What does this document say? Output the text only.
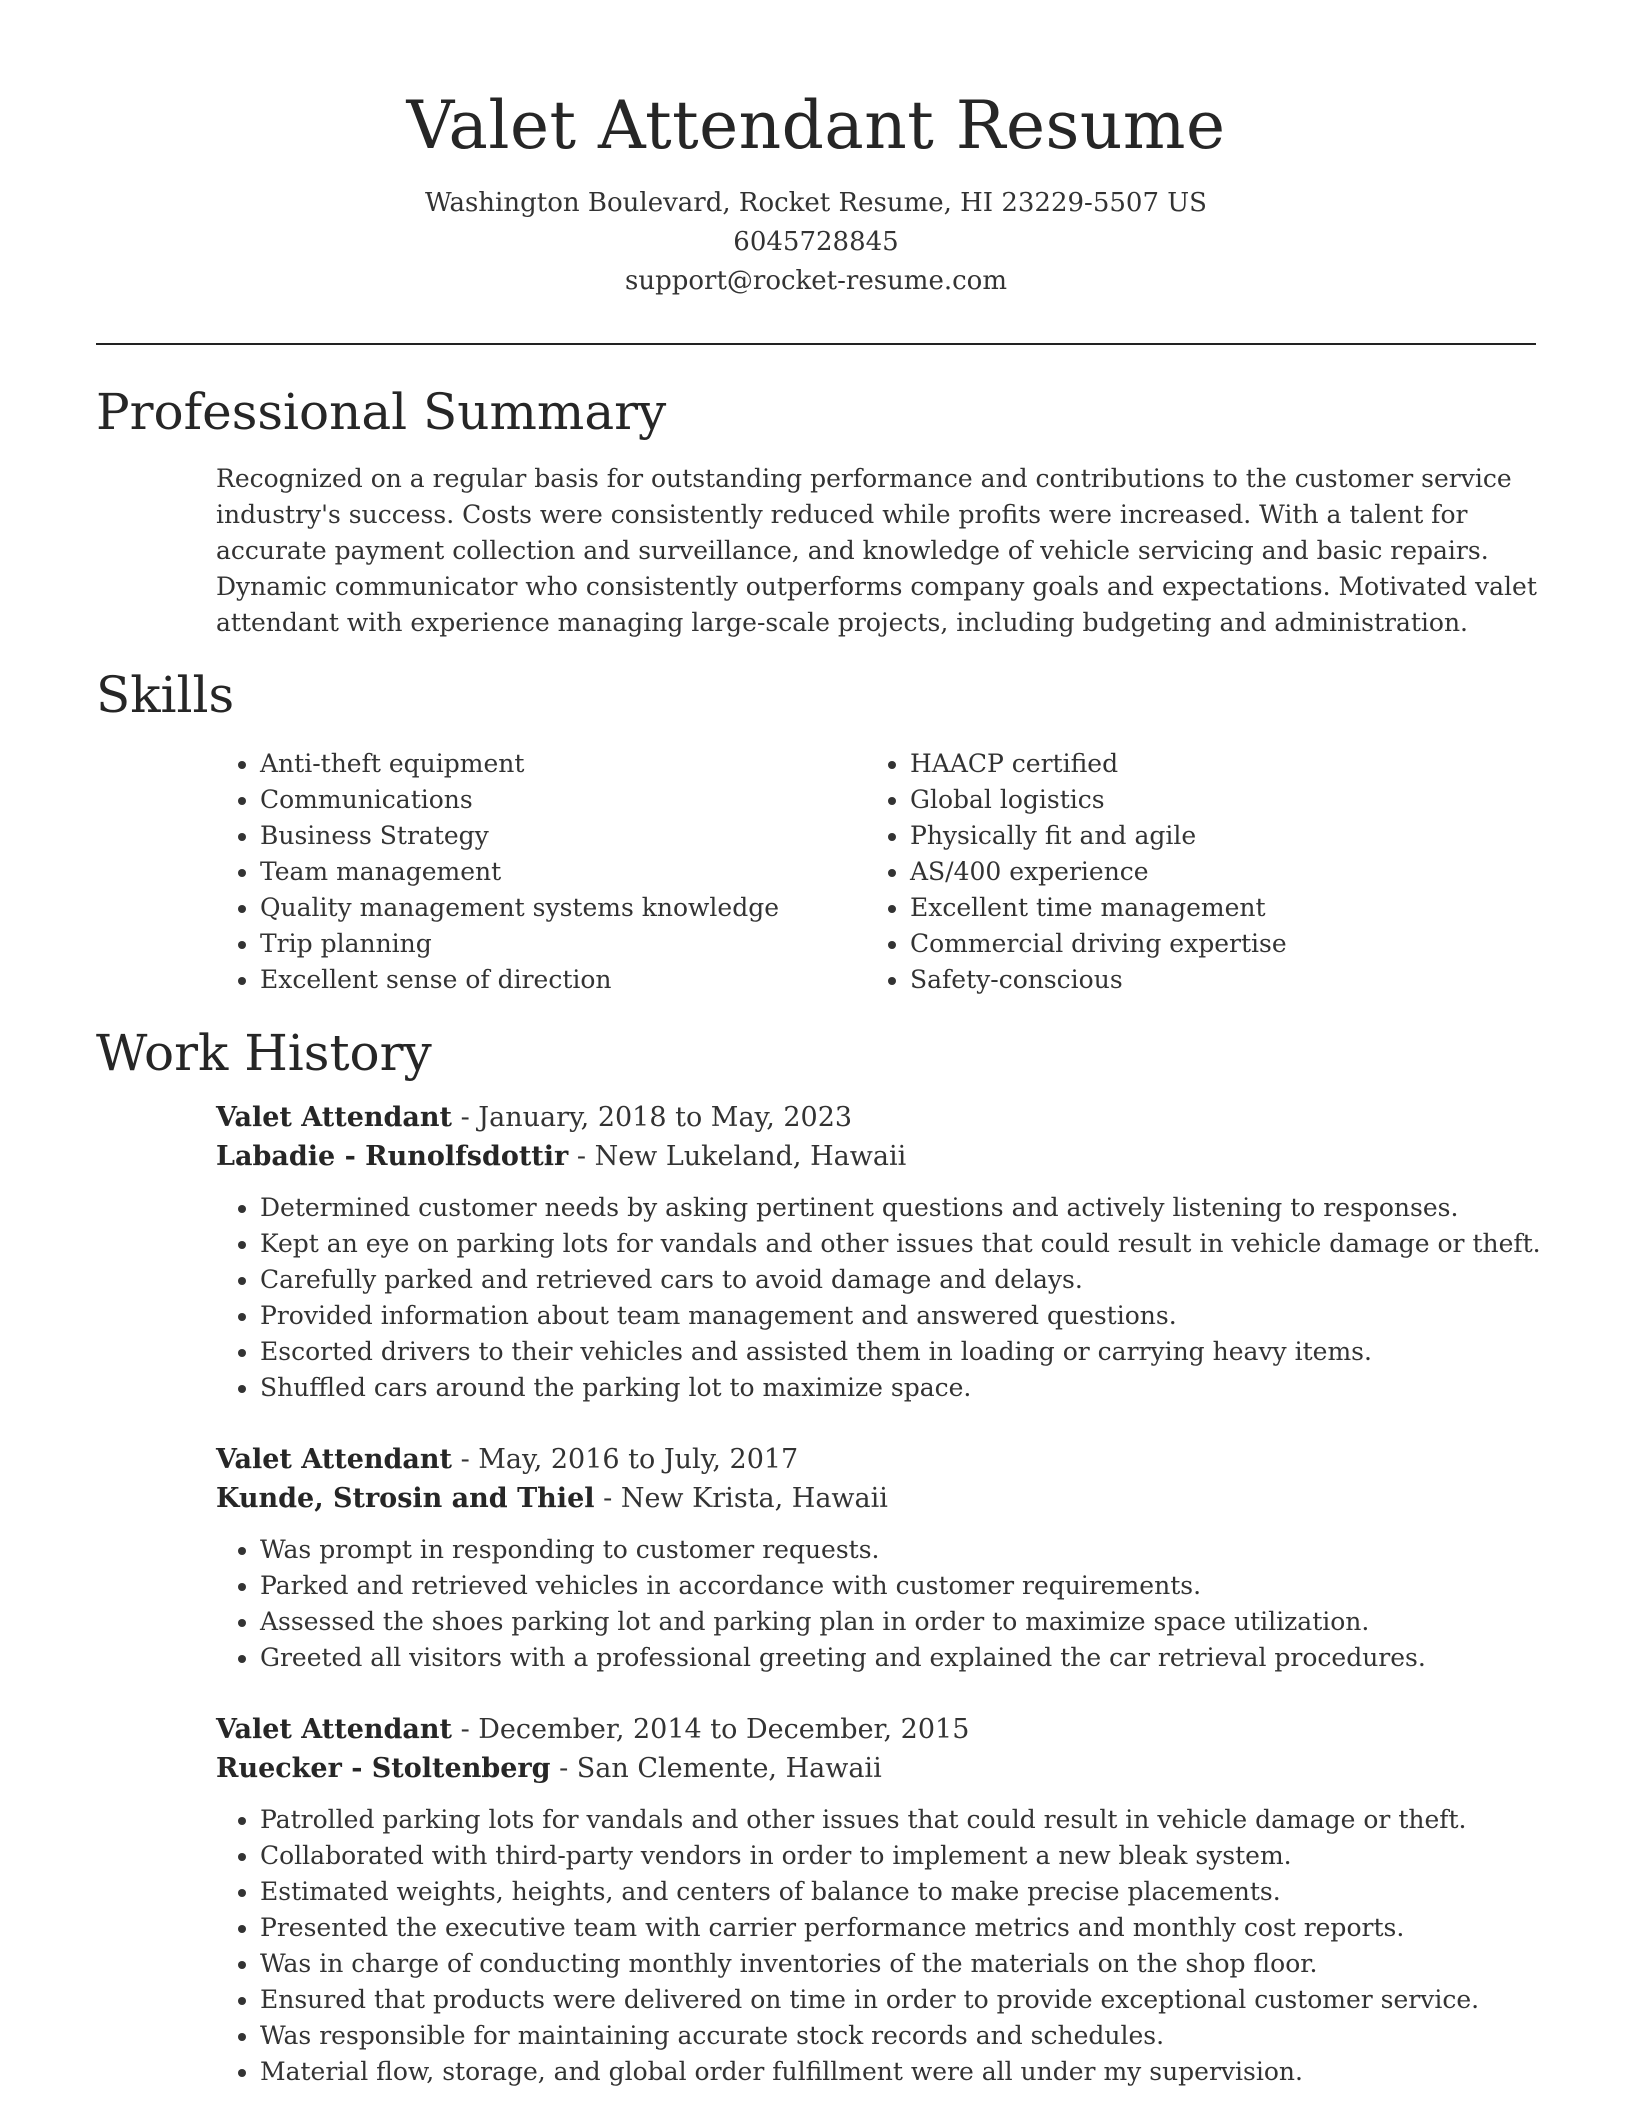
Valet Attendant Resume
Washington Boulevard, Rocket Resume, HI 23229-5507 US
6045728845
support@rocket-resume.com
Professional Summary

Recognized on a regular basis for outstanding performance and contributions to the customer service industry's success. Costs were consistently reduced while profits were increased. With a talent for accurate payment collection and surveillance, and knowledge of vehicle servicing and basic repairs. Dynamic communicator who consistently outperforms company goals and expectations. Motivated valet attendant with experience managing large-scale projects, including budgeting and administration.

Skills
• Anti-theft equipment
• Communications
• Business Strategy
• Team management
• Quality management systems knowledge
• Trip planning
• Excellent sense of direction
• HAACP certified
• Global logistics
• Physically fit and agile
• AS/400 experience
• Excellent time management
• Commercial driving expertise
• Safety-conscious
Work History
Valet Attendant - January, 2018 to May, 2023
Labadie - Runolfsdottir - New Lukeland, Hawaii
• Determined customer needs by asking pertinent questions and actively listening to responses.
• Kept an eye on parking lots for vandals and other issues that could result in vehicle damage or theft.
• Carefully parked and retrieved cars to avoid damage and delays.
• Provided information about team management and answered questions.
• Escorted drivers to their vehicles and assisted them in loading or carrying heavy items.
• Shuffled cars around the parking lot to maximize space.
Valet Attendant - May, 2016 to July, 2017
Kunde, Strosin and Thiel - New Krista, Hawaii
• Was prompt in responding to customer requests.
• Parked and retrieved vehicles in accordance with customer requirements.
• Assessed the shoes parking lot and parking plan in order to maximize space utilization.
• Greeted all visitors with a professional greeting and explained the car retrieval procedures.
Valet Attendant - December, 2014 to December, 2015
Ruecker - Stoltenberg - San Clemente, Hawaii
• Patrolled parking lots for vandals and other issues that could result in vehicle damage or theft.
• Collaborated with third-party vendors in order to implement a new bleak system.
• Estimated weights, heights, and centers of balance to make precise placements.
• Presented the executive team with carrier performance metrics and monthly cost reports.
• Was in charge of conducting monthly inventories of the materials on the shop floor.
• Ensured that products were delivered on time in order to provide exceptional customer service.
• Was responsible for maintaining accurate stock records and schedules.
• Material flow, storage, and global order fulfillment were all under my supervision.
